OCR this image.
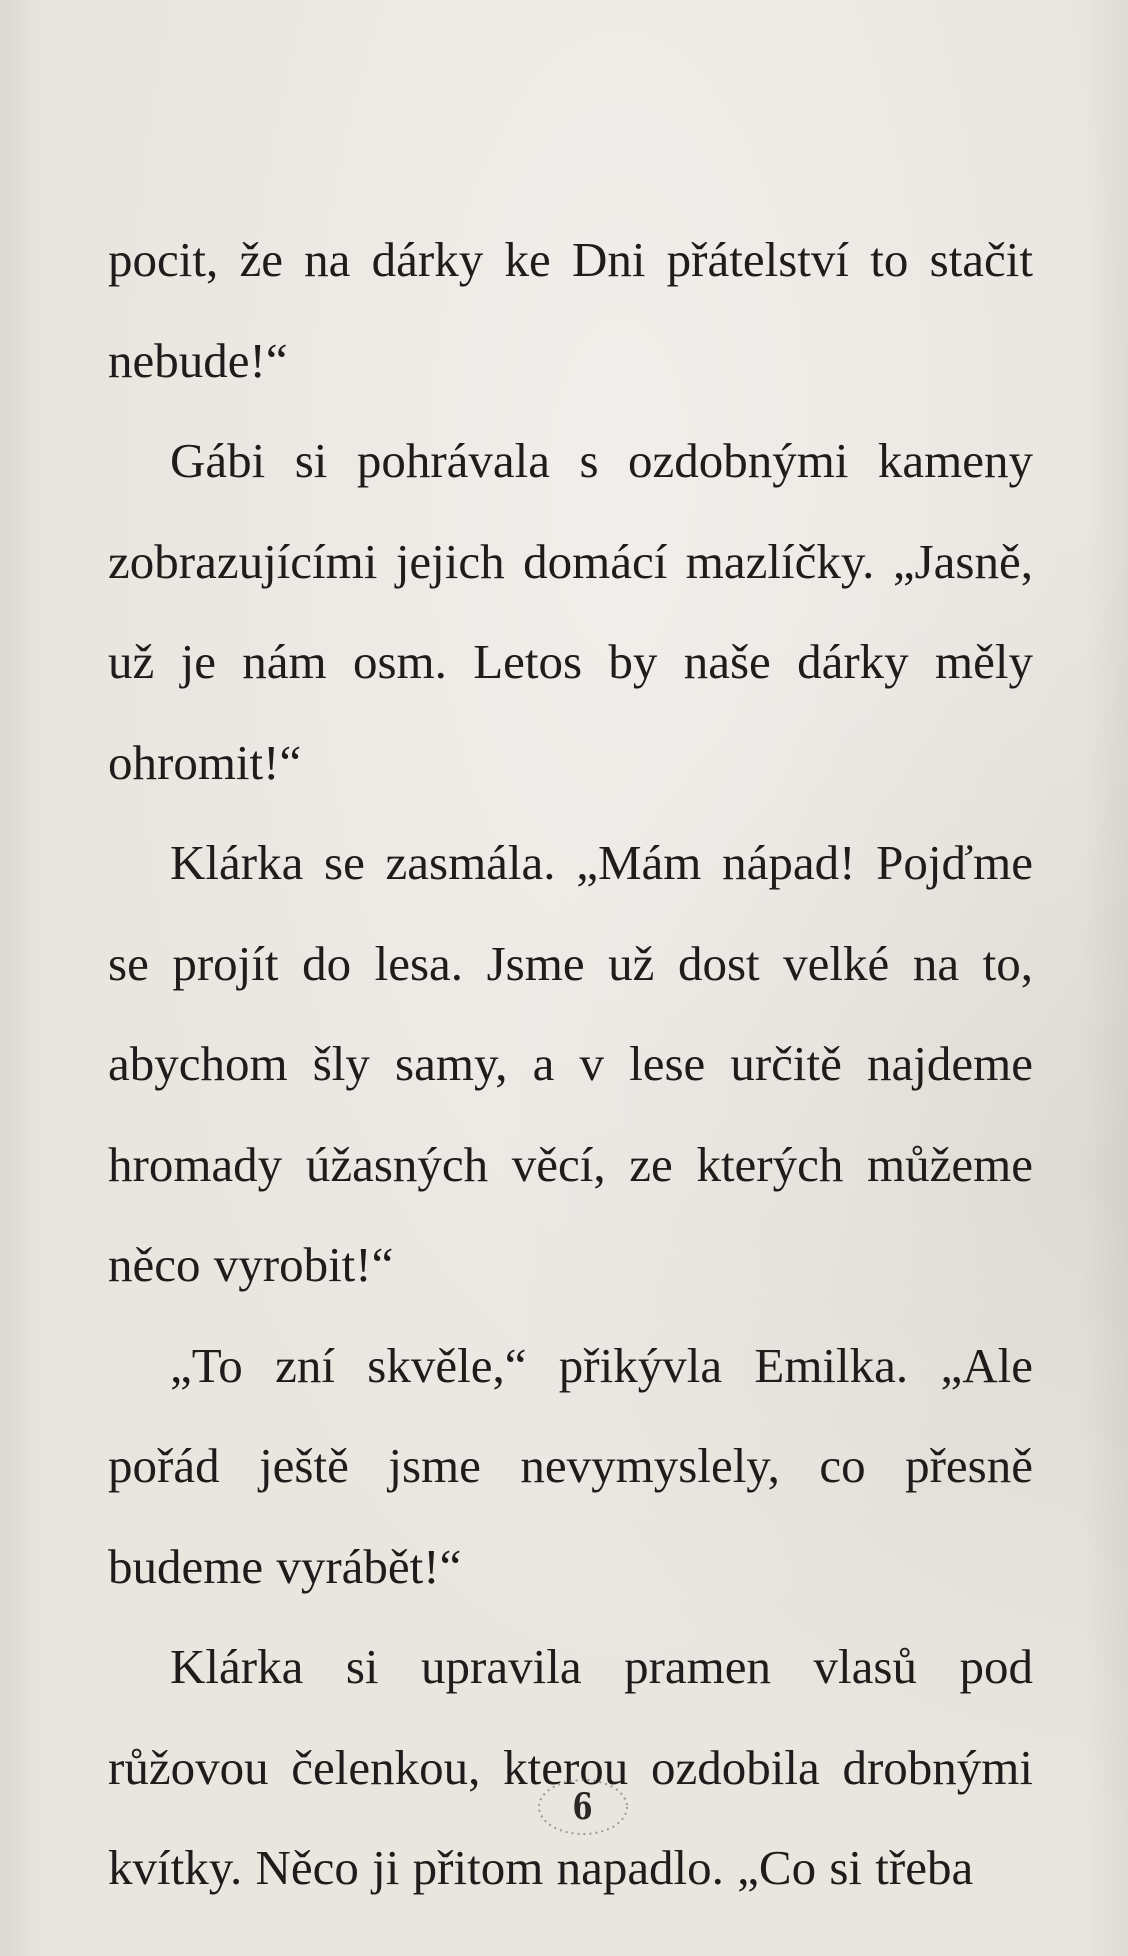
pocit, že na dárky ke Dni přátelství to stačit nebude!“

Gábi si pohrávala s ozdobnými kameny zobrazujícími jejich domácí mazlíčky. „Jasně, už je nám osm. Letos by naše dárky měly ohromit!“

Klárka se zasmála. „Mám nápad! Pojďme se projít do lesa. Jsme už dost velké na to, abychom šly samy, a v lese určitě najdeme hromady úžasných věcí, ze kterých můžeme něco vyrobit!“

„To zní skvěle,“ přikývla Emilka. „Ale pořád ještě jsme nevymyslely, co přesně budeme vyrábět!“

Klárka si upravila pramen vlasů pod růžovou čelenkou, kterou ozdobila drobnými kvítky. Něco ji přitom napadlo. „Co si třeba

6
